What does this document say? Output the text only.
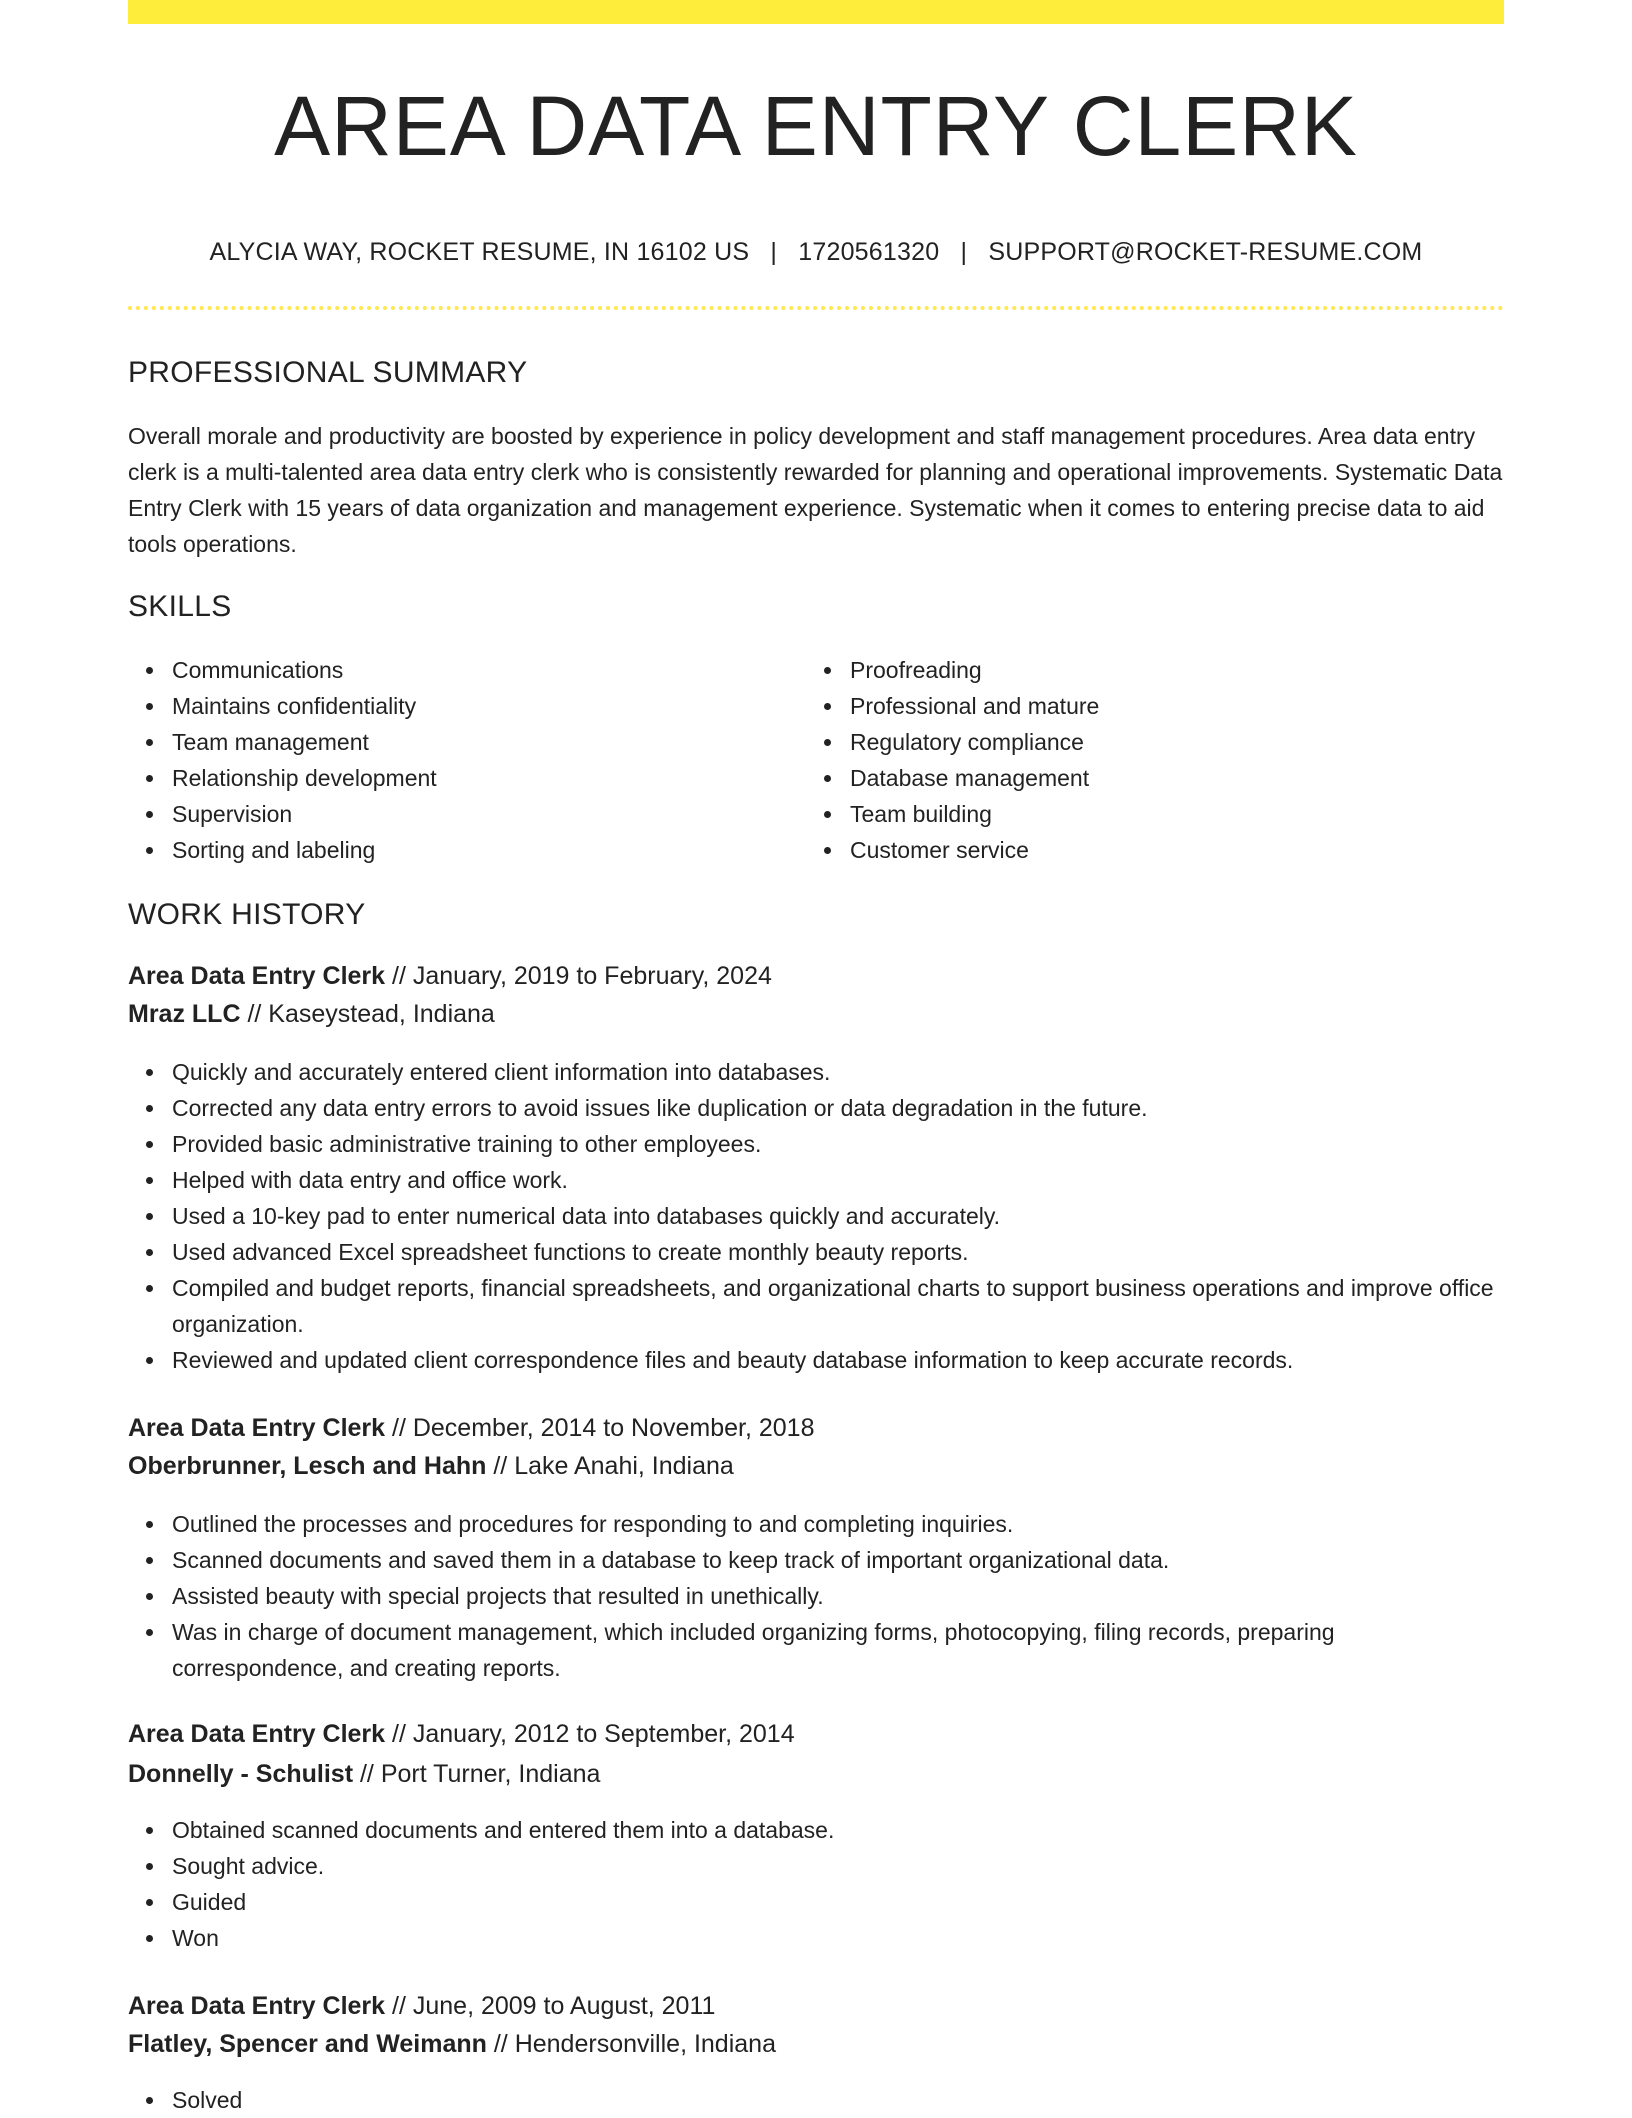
AREA DATA ENTRY CLERK
ALYCIA WAY, ROCKET RESUME, IN 16102 US | 1720561320 | SUPPORT@ROCKET-RESUME.COM
PROFESSIONAL SUMMARY

Overall morale and productivity are boosted by experience in policy development and staff management procedures. Area data entry clerk is a multi-talented area data entry clerk who is consistently rewarded for planning and operational improvements. Systematic Data Entry Clerk with 15 years of data organization and management experience. Systematic when it comes to entering precise data to aid tools operations.

SKILLS
Communications
Maintains confidentiality
Team management
Relationship development
Supervision
Sorting and labeling
Proofreading
Professional and mature
Regulatory compliance
Database management
Team building
Customer service
WORK HISTORY
Area Data Entry Clerk // January, 2019 to February, 2024
Mraz LLC // Kaseystead, Indiana
Quickly and accurately entered client information into databases.
Corrected any data entry errors to avoid issues like duplication or data degradation in the future.
Provided basic administrative training to other employees.
Helped with data entry and office work.
Used a 10-key pad to enter numerical data into databases quickly and accurately.
Used advanced Excel spreadsheet functions to create monthly beauty reports.
Compiled and budget reports, financial spreadsheets, and organizational charts to support business operations and improve office organization.
Reviewed and updated client correspondence files and beauty database information to keep accurate records.
Area Data Entry Clerk // December, 2014 to November, 2018
Oberbrunner, Lesch and Hahn // Lake Anahi, Indiana
Outlined the processes and procedures for responding to and completing inquiries.
Scanned documents and saved them in a database to keep track of important organizational data.
Assisted beauty with special projects that resulted in unethically.
Was in charge of document management, which included organizing forms, photocopying, filing records, preparing correspondence, and creating reports.
Area Data Entry Clerk // January, 2012 to September, 2014
Donnelly - Schulist // Port Turner, Indiana
Obtained scanned documents and entered them into a database.
Sought advice.
Guided
Won
Area Data Entry Clerk // June, 2009 to August, 2011
Flatley, Spencer and Weimann // Hendersonville, Indiana
Solved
